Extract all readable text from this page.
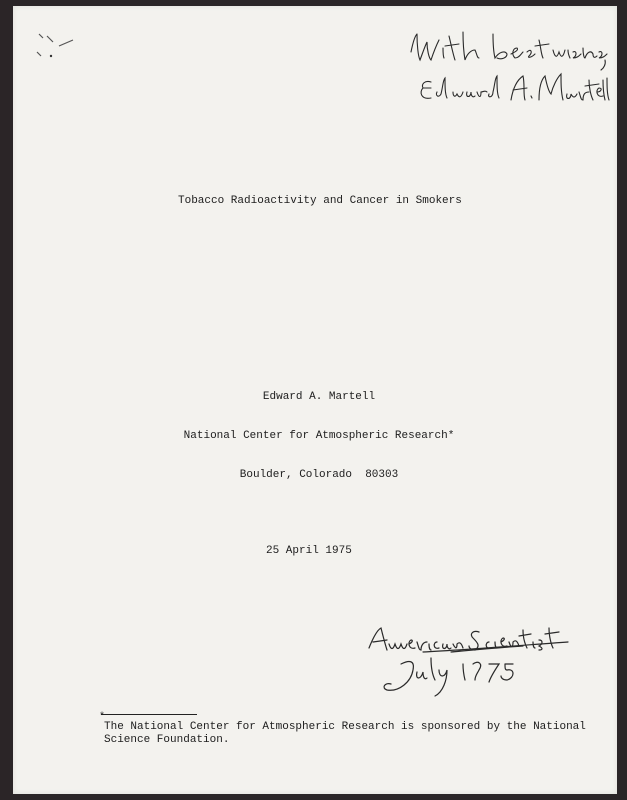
Tobacco Radioactivity and Cancer in Smokers

Edward A. Martell

National Center for Atmospheric Research*

Boulder, Colorado  80303

25 April 1975

*

The National Center for Atmospheric Research is sponsored by the National
Science Foundation.
